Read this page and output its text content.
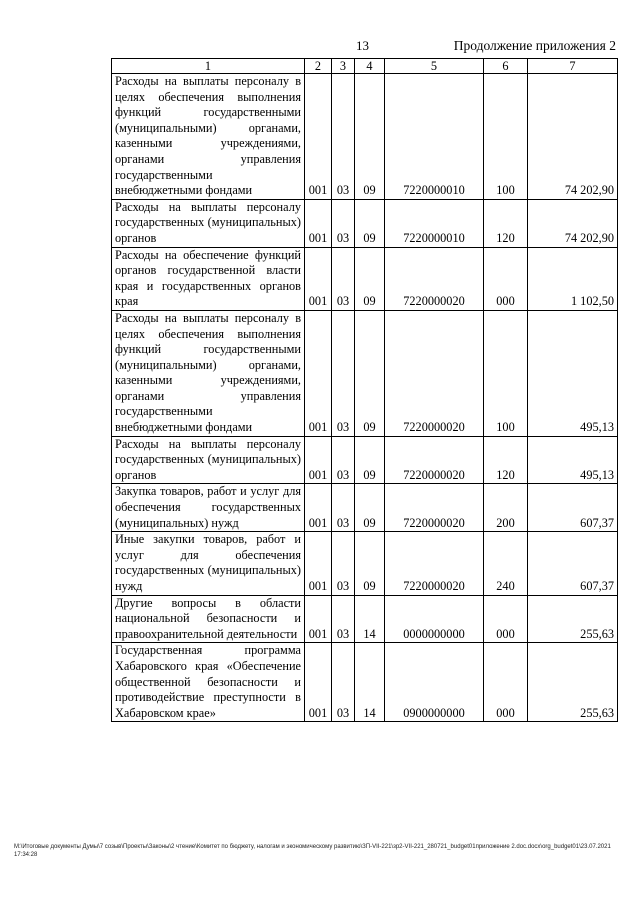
13	Продолжение приложения 2
1	2	3	4	5	6	7
Расходы на выплаты персоналу в целях обеспечения выполнения функций государственными (муниципальными) органами, казенными учреждениями, органами управления государственными внебюджетными фондами	001	03	09	7220000010	100	74 202,90
Расходы на выплаты персоналу государственных (муниципальных) органов	001	03	09	7220000010	120	74 202,90
Расходы на обеспечение функций органов государственной власти края и государственных органов края	001	03	09	7220000020	000	1 102,50
Расходы на выплаты персоналу в целях обеспечения выполнения функций государственными (муниципальными) органами, казенными учреждениями, органами управления государственными внебюджетными фондами	001	03	09	7220000020	100	495,13
Расходы на выплаты персоналу государственных (муниципальных) органов	001	03	09	7220000020	120	495,13
Закупка товаров, работ и услуг для обеспечения государственных (муниципальных) нужд	001	03	09	7220000020	200	607,37
Иные закупки товаров, работ и услуг для обеспечения государственных (муниципальных) нужд	001	03	09	7220000020	240	607,37
Другие вопросы в области национальной безопасности и правоохранительной деятельности	001	03	14	0000000000	000	255,63
Государственная программа Хабаровского края «Обеспечение общественной безопасности и противодействие преступности в Хабаровском крае»	001	03	14	0900000000	000	255,63
М:\Итоговые документы Думы\7 созыв\Проекты\Законы\2 чтение\Комитет по бюджету, налогам и экономическому развитию\ЗП-VII-221\зр2-VII-221_280721_budget01приложение 2.doc.docx\org_budget01\23.07.2021 17:34:28
